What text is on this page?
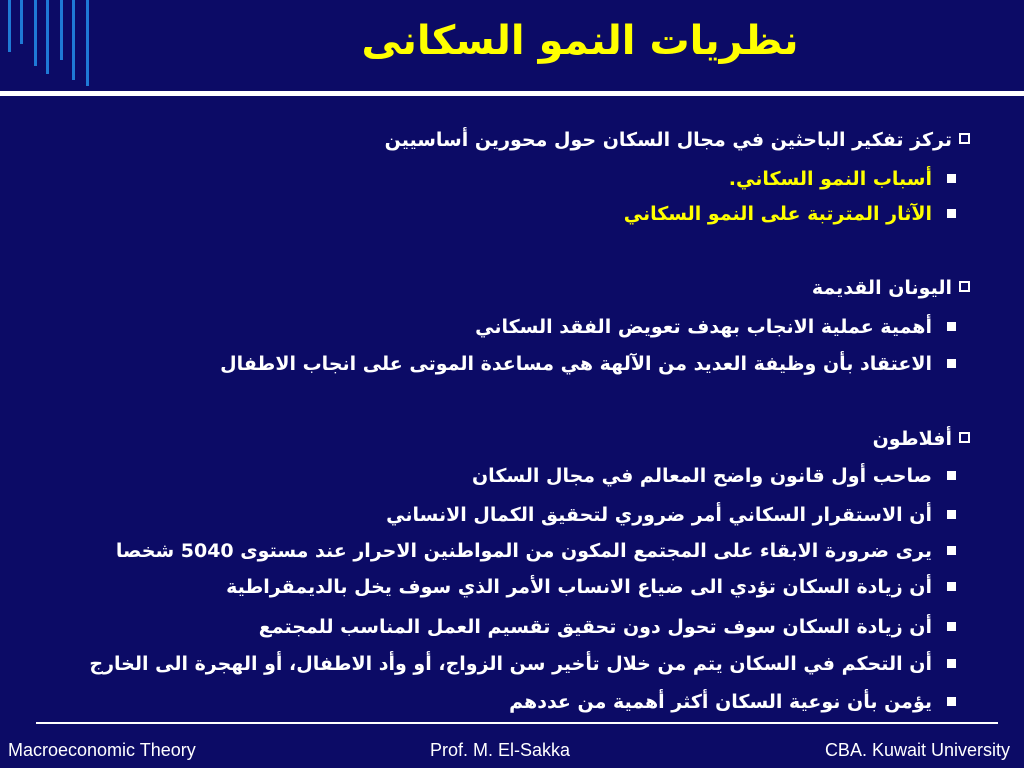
نظريات النمو السكانى
تركز تفكير الباحثين في مجال السكان حول محورين أساسيين
أسباب النمو السكاني.
الآثار المترتبة على النمو السكاني
اليونان القديمة
أهمية عملية الانجاب بهدف تعويض الفقد السكاني
الاعتقاد بأن وظيفة العديد من الآلهة هي مساعدة الموتى على انجاب الاطفال
أفلاطون
صاحب أول قانون واضح المعالم في مجال السكان
أن الاستقرار السكاني أمر ضروري لتحقيق الكمال الانساني
يرى ضرورة الابقاء على المجتمع المكون من المواطنين الاحرار عند مستوى 5040 شخصا
أن زيادة السكان تؤدي الى ضياع الانساب الأمر الذي سوف يخل بالديمقراطية
أن زيادة السكان سوف تحول دون تحقيق تقسيم العمل المناسب للمجتمع
أن التحكم في السكان يتم من خلال تأخير سن الزواج، أو وأد الاطفال، أو الهجرة الى الخارج
يؤمن بأن نوعية السكان أكثر أهمية من عددهم
Macroeconomic Theory	Prof. M. El-Sakka	CBA. Kuwait University
